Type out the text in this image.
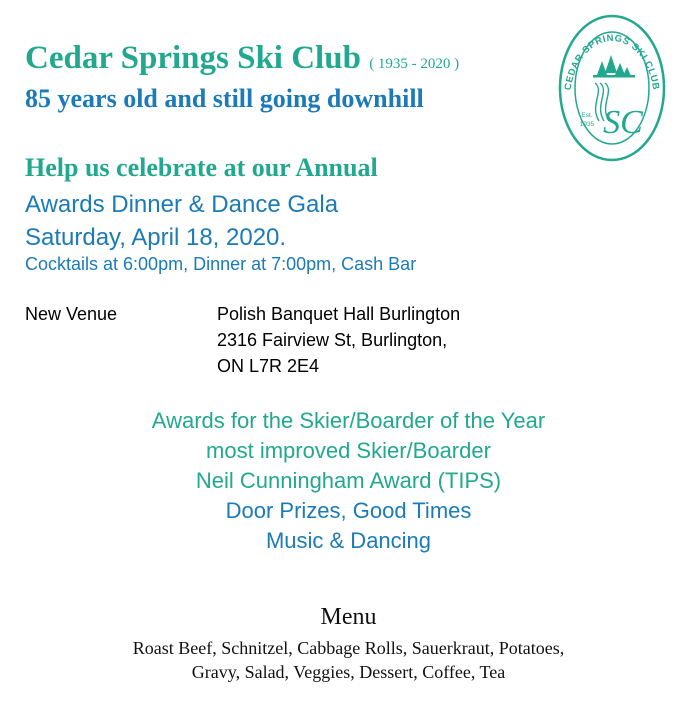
Cedar Springs Ski Club ( 1935 - 2020 )
85 years old and still going downhill	CEDAR SPRINGS SKI CLUB
Est.
1935 SC
Help us celebrate at our Annual
Awards Dinner & Dance Gala
Saturday, April 18, 2020.
Cocktails at 6:00pm, Dinner at 7:00pm, Cash Bar
New Venue	Polish Banquet Hall Burlington
2316 Fairview St, Burlington,
ON L7R 2E4
Awards for the Skier/Boarder of the Year
most improved Skier/Boarder
Neil Cunningham Award (TIPS)
Door Prizes, Good Times
Music & Dancing
Menu
Roast Beef, Schnitzel, Cabbage Rolls, Sauerkraut, Potatoes,
Gravy, Salad, Veggies, Dessert, Coffee, Tea
